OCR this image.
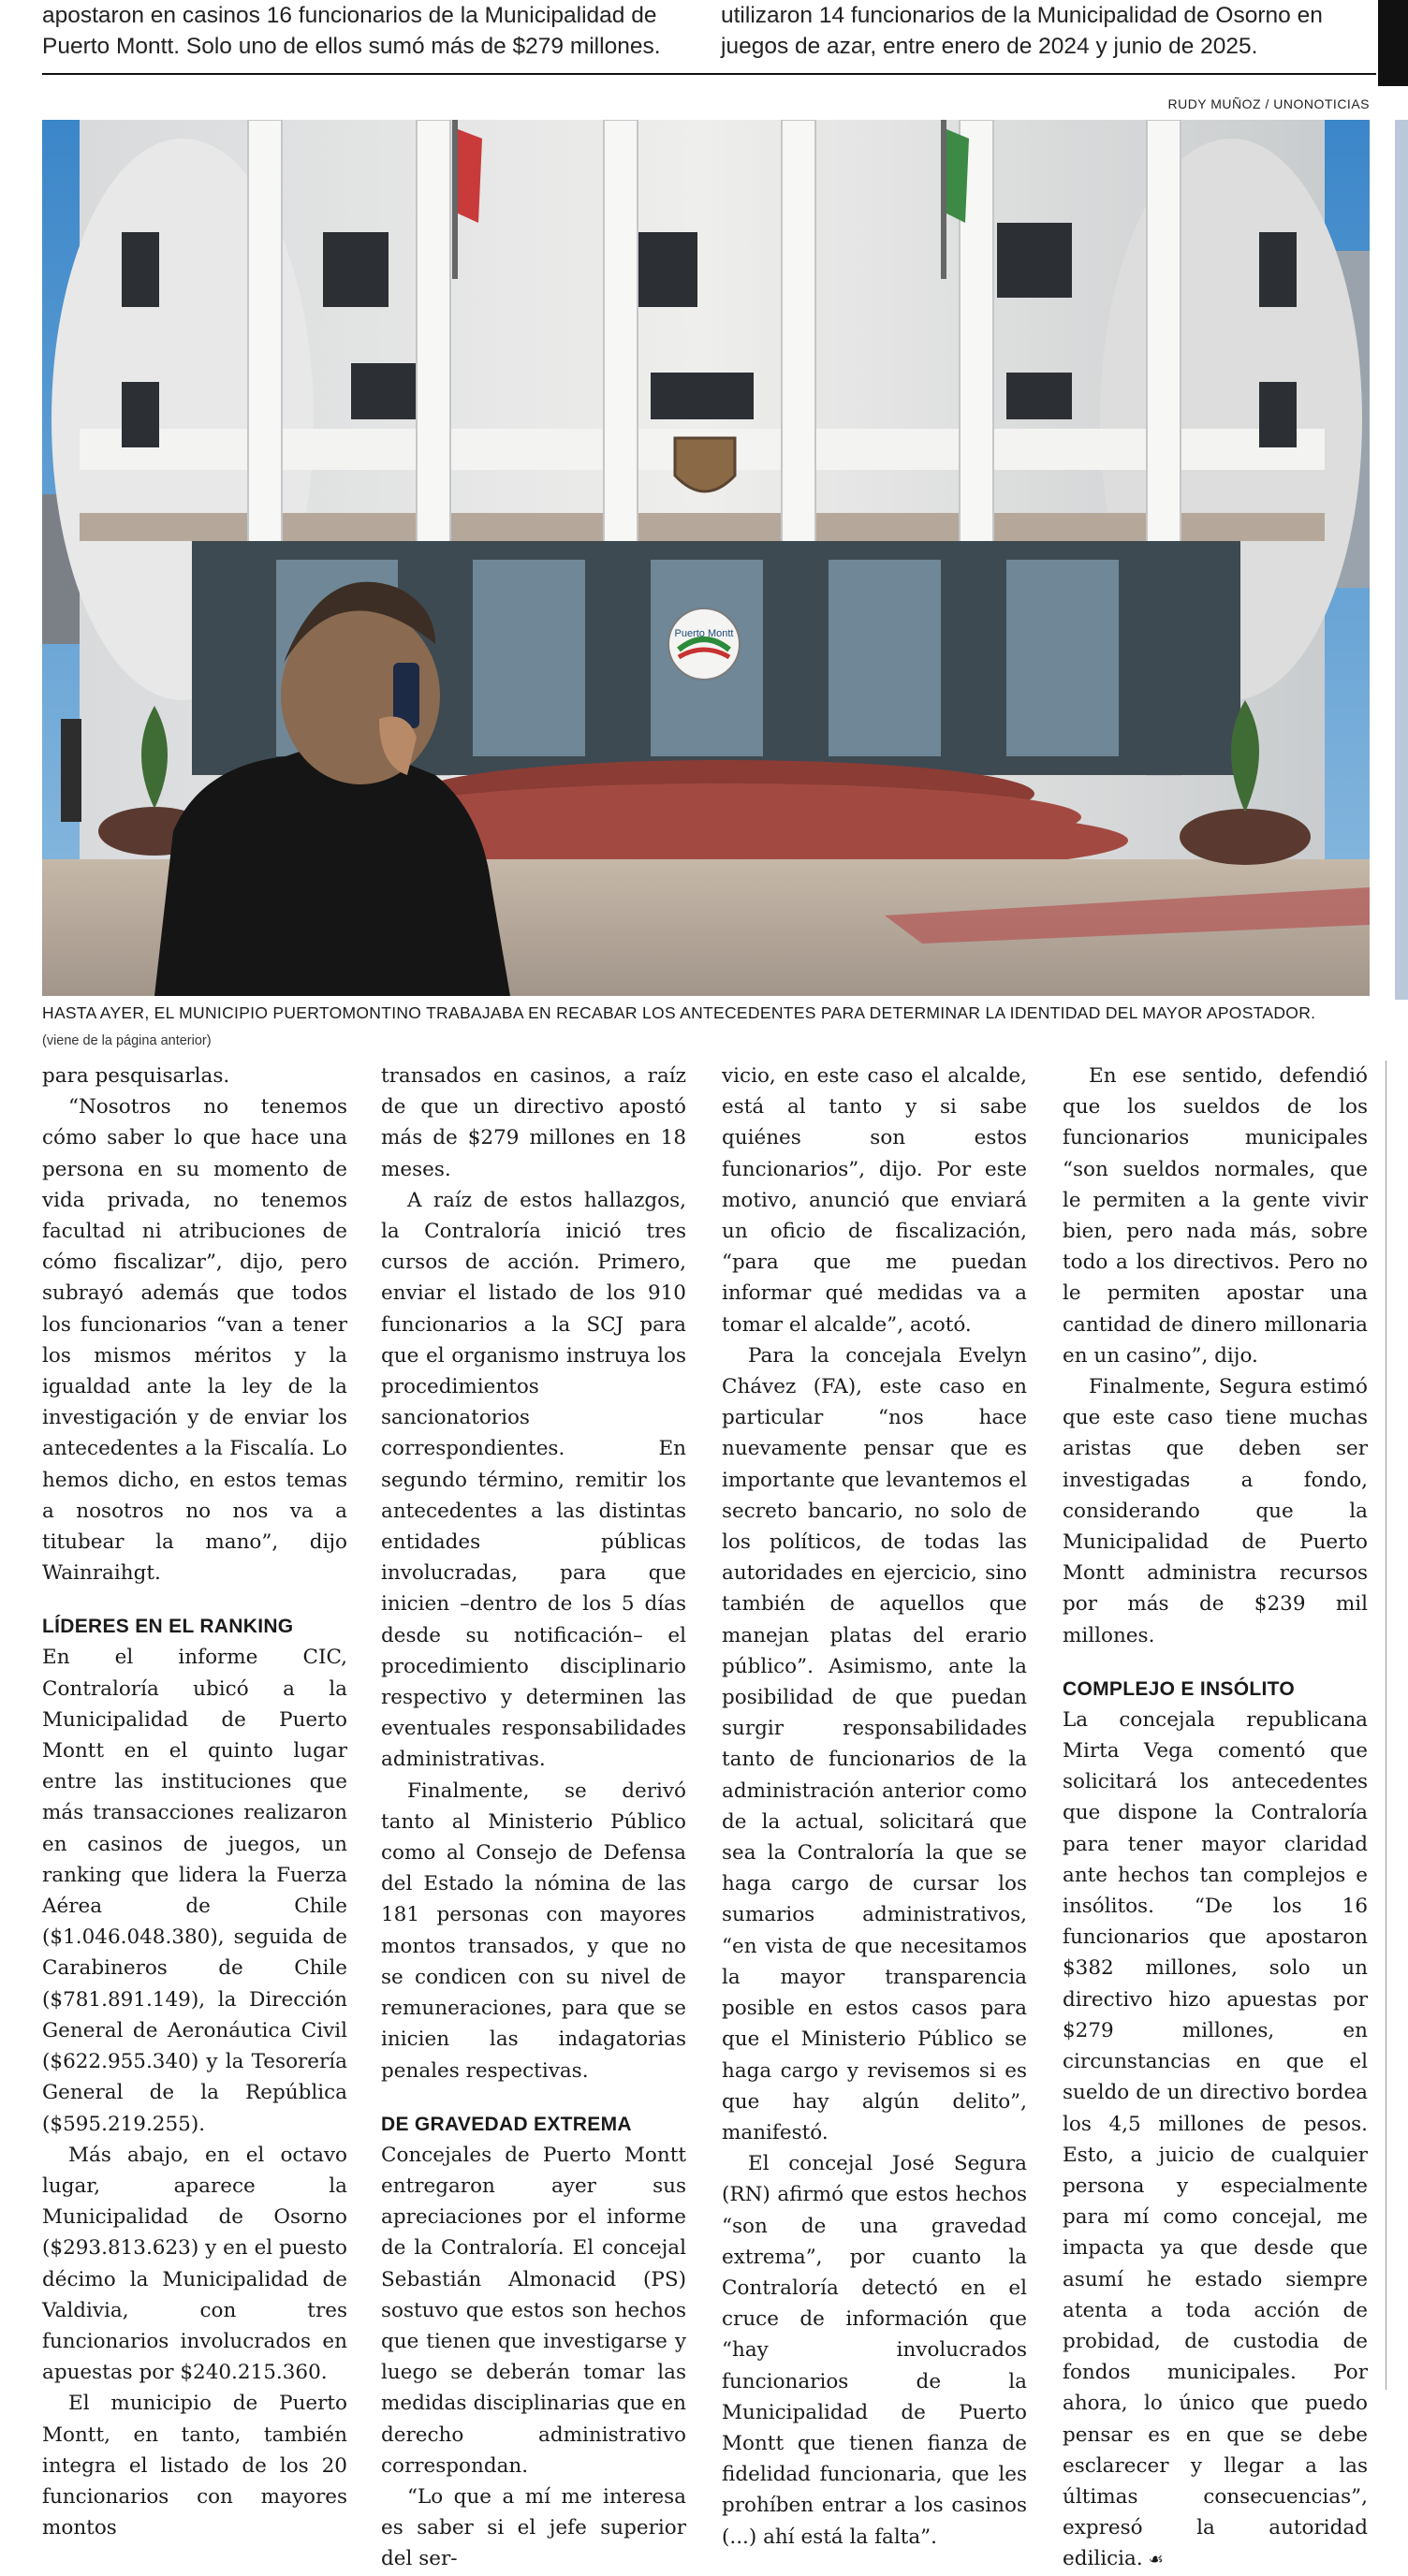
apostaron en casinos 16 funcionarios de la Municipalidad de Puerto Montt. Solo uno de ellos sumó más de $279 millones.
utilizaron 14 funcionarios de la Municipalidad de Osorno en juegos de azar, entre enero de 2024 y junio de 2025.
RUDY MUÑOZ / UNONOTICIAS
Puerto Montt
HASTA AYER, EL MUNICIPIO PUERTOMONTINO TRABAJABA EN RECABAR LOS ANTECEDENTES PARA DETERMINAR LA IDENTIDAD DEL MAYOR APOSTADOR.
(viene de la página anterior)

para pesquisarlas.

“Nosotros no tenemos cómo saber lo que hace una persona en su momento de vida privada, no tenemos facultad ni atribuciones de cómo fiscalizar”, dijo, pero subrayó además que todos los funcionarios “van a tener los mismos méritos y la igualdad ante la ley de la investigación y de enviar los antecedentes a la Fiscalía. Lo hemos dicho, en estos temas a nosotros no nos va a titubear la mano”, dijo Wainraihgt.

LÍDERES EN EL RANKING

En el informe CIC, Contraloría ubicó a la Municipalidad de Puerto Montt en el quinto lugar entre las instituciones que más transacciones realizaron en casinos de juegos, un ranking que lidera la Fuerza Aérea de Chile ($1.046.048.380), seguida de Carabineros de Chile ($781.891.149), la Dirección General de Aeronáutica Civil ($622.955.340) y la Tesorería General de la República ($595.219.255).

Más abajo, en el octavo lugar, aparece la Municipalidad de Osorno ($293.813.623) y en el puesto décimo la Municipalidad de Valdivia, con tres funcionarios involucrados en apuestas por $240.215.360.

El municipio de Puerto Montt, en tanto, también integra el listado de los 20 funcionarios con mayores montos

transados en casinos, a raíz de que un directivo apostó más de $279 millones en 18 meses.

A raíz de estos hallazgos, la Contraloría inició tres cursos de acción. Primero, enviar el listado de los 910 funcionarios a la SCJ para que el organismo instruya los procedimientos sancionatorios correspondientes. En segundo término, remitir los antecedentes a las distintas entidades públicas involucradas, para que inicien –dentro de los 5 días desde su notificación– el procedimiento disciplinario respectivo y determinen las eventuales responsabilidades administrativas.

Finalmente, se derivó tanto al Ministerio Público como al Consejo de Defensa del Estado la nómina de las 181 personas con mayores montos transados, y que no se condicen con su nivel de remuneraciones, para que se inicien las indagatorias penales respectivas.

DE GRAVEDAD EXTREMA

Concejales de Puerto Montt entregaron ayer sus apreciaciones por el informe de la Contraloría. El concejal Sebastián Almonacid (PS) sostuvo que estos son hechos que tienen que investigarse y luego se deberán tomar las medidas disciplinarias que en derecho administrativo correspondan.

“Lo que a mí me interesa es saber si el jefe superior del ser-

vicio, en este caso el alcalde, está al tanto y si sabe quiénes son estos funcionarios”, dijo. Por este motivo, anunció que enviará un oficio de fiscalización, “para que me puedan informar qué medidas va a tomar el alcalde”, acotó.

Para la concejala Evelyn Chávez (FA), este caso en particular “nos hace nuevamente pensar que es importante que levantemos el secreto bancario, no solo de los políticos, de todas las autoridades en ejercicio, sino también de aquellos que manejan platas del erario público”. Asimismo, ante la posibilidad de que puedan surgir responsabilidades tanto de funcionarios de la administración anterior como de la actual, solicitará que sea la Contraloría la que se haga cargo de cursar los sumarios administrativos, “en vista de que necesitamos la mayor transparencia posible en estos casos para que el Ministerio Público se haga cargo y revisemos si es que hay algún delito”, manifestó.

El concejal José Segura (RN) afirmó que estos hechos “son de una gravedad extrema”, por cuanto la Contraloría detectó en el cruce de información que “hay involucrados funcionarios de la Municipalidad de Puerto Montt que tienen fianza de fidelidad funcionaria, que les prohíben entrar a los casinos (...) ahí está la falta”.

En ese sentido, defendió que los sueldos de los funcionarios municipales “son sueldos normales, que le permiten a la gente vivir bien, pero nada más, sobre todo a los directivos. Pero no le permiten apostar una cantidad de dinero millonaria en un casino”, dijo.

Finalmente, Segura estimó que este caso tiene muchas aristas que deben ser investigadas a fondo, considerando que la Municipalidad de Puerto Montt administra recursos por más de $239 mil millones.

COMPLEJO E INSÓLITO

La concejala republicana Mirta Vega comentó que solicitará los antecedentes que dispone la Contraloría para tener mayor claridad ante hechos tan complejos e insólitos. “De los 16 funcionarios que apostaron $382 millones, solo un directivo hizo apuestas por $279 millones, en circunstancias en que el sueldo de un directivo bordea los 4,5 millones de pesos. Esto, a juicio de cualquier persona y especialmente para mí como concejal, me impacta ya que desde que asumí he estado siempre atenta a toda acción de probidad, de custodia de fondos municipales. Por ahora, lo único que puedo pensar es en que se debe esclarecer y llegar a las últimas consecuencias”, expresó la autoridad edilicia. ☙
